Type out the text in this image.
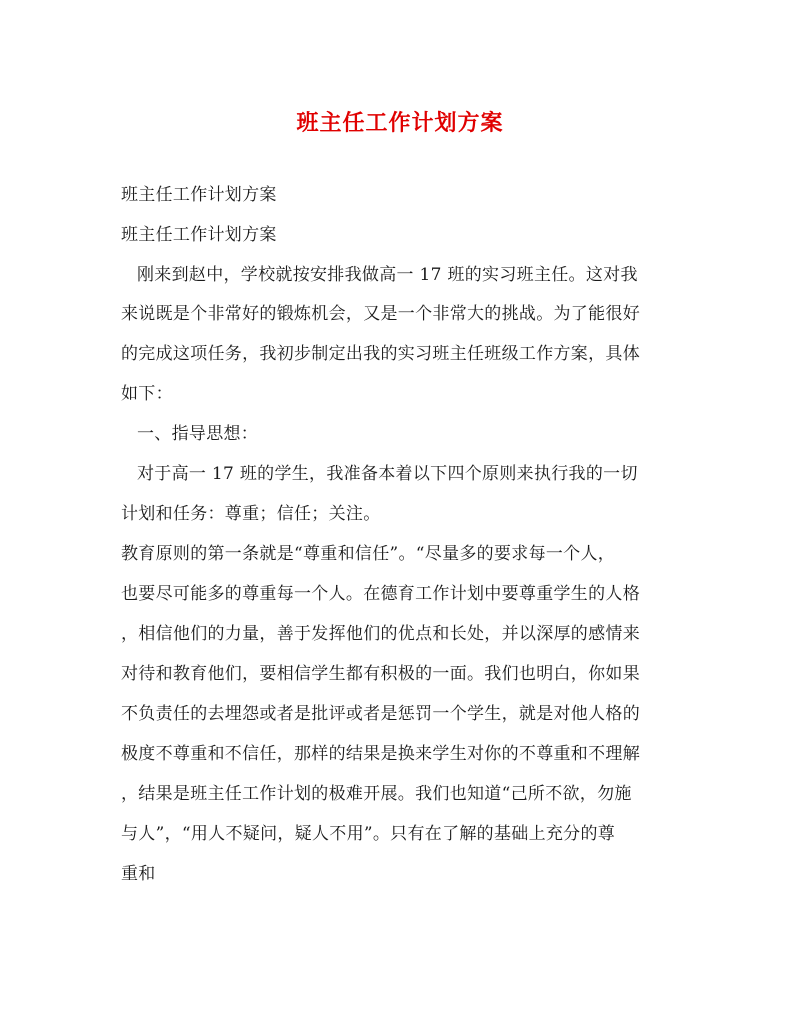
班主任工作计划方案
班主任工作计划方案
班主任工作计划方案
刚来到赵中，学校就按安排我做高一 17 班的实习班主任。这对我
来说既是个非常好的锻炼机会，又是一个非常大的挑战。为了能很好
的完成这项任务，我初步制定出我的实习班主任班级工作方案，具体
如下：
一、指导思想：
对于高一 17 班的学生，我准备本着以下四个原则来执行我的一切
计划和任务：尊重；信任；关注。
教育原则的第一条就是“尊重和信任”。“尽量多的要求每一个人，
也要尽可能多的尊重每一个人。在德育工作计划中要尊重学生的人格
，相信他们的力量，善于发挥他们的优点和长处，并以深厚的感情来
对待和教育他们，要相信学生都有积极的一面。我们也明白，你如果
不负责任的去埋怨或者是批评或者是惩罚一个学生，就是对他人格的
极度不尊重和不信任，那样的结果是换来学生对你的不尊重和不理解
，结果是班主任工作计划的极难开展。我们也知道“己所不欲，勿施
与人”，“用人不疑问，疑人不用”。只有在了解的基础上充分的尊
重和
